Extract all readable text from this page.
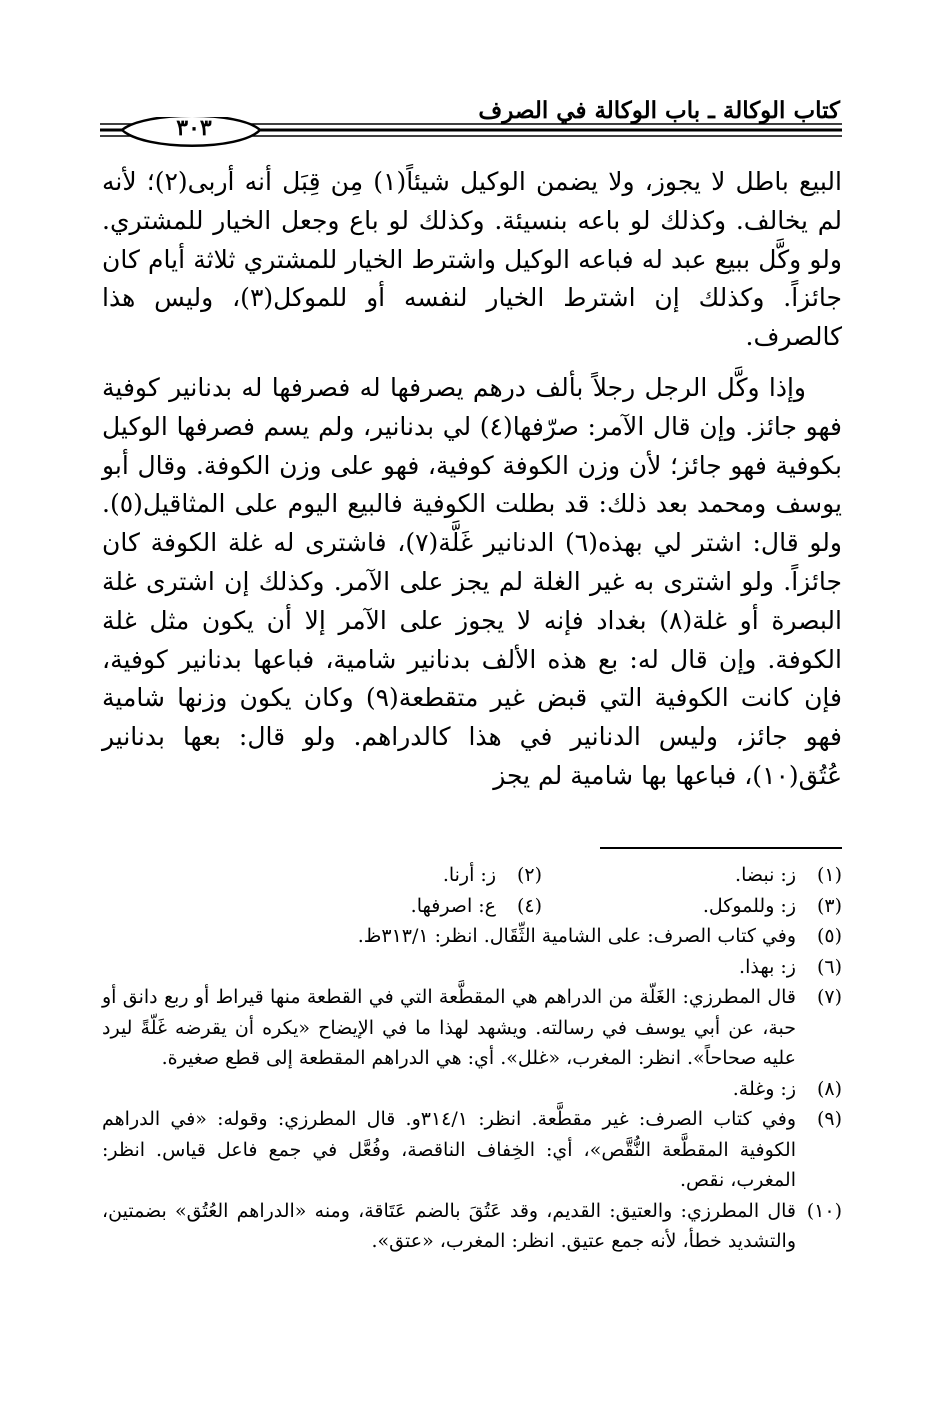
كتاب الوكالة ـ باب الوكالة في الصرف
٣٠٣

البيع باطل لا يجوز، ولا يضمن الوكيل شيئاً(١) مِن قِبَل أنه أربى(٢)؛ لأنه لم يخالف. وكذلك لو باعه بنسيئة. وكذلك لو باع وجعل الخيار للمشتري. ولو وكَّل ببيع عبد له فباعه الوكيل واشترط الخيار للمشتري ثلاثة أيام كان جائزاً. وكذلك إن اشترط الخيار لنفسه أو للموكل(٣)، وليس هذا كالصرف.

وإذا وكَّل الرجل رجلاً بألف درهم يصرفها له فصرفها له بدنانير كوفية فهو جائز. وإن قال الآمر: صرّفها(٤) لي بدنانير، ولم يسم فصرفها الوكيل بكوفية فهو جائز؛ لأن وزن الكوفة كوفية، فهو على وزن الكوفة. وقال أبو يوسف ومحمد بعد ذلك: قد بطلت الكوفية فالبيع اليوم على المثاقيل(٥). ولو قال: اشتر لي بهذه(٦) الدنانير غَلَّة(٧)، فاشترى له غلة الكوفة كان جائزاً. ولو اشترى به غير الغلة لم يجز على الآمر. وكذلك إن اشترى غلة البصرة أو غلة(٨) بغداد فإنه لا يجوز على الآمر إلا أن يكون مثل غلة الكوفة. وإن قال له: بع هذه الألف بدنانير شامية، فباعها بدنانير كوفية، فإن كانت الكوفية التي قبض غير متقطعة(٩) وكان يكون وزنها شامية فهو جائز، وليس الدنانير في هذا كالدراهم. ولو قال: بعها بدنانير عُتُق(١٠)، فباعها بها شامية لم يجز

(١)
ز: نبضا.
(٢)
ز: أرنا.
(٣)
ز: وللموكل.
(٤)
ع: اصرفها.
(٥)
وفي كتاب الصرف: على الشامية الثِّقَال. انظر: ٣١٣/١ظ.
(٦)
ز: بهذا.
(٧)
قال المطرزي: الغَلّة من الدراهم هي المقطَّعة التي في القطعة منها قيراط أو ربع دانق أو حبة، عن أبي يوسف في رسالته. ويشهد لهذا ما في الإيضاح «يكره أن يقرضه غَلّةً ليرد عليه صحاحاً». انظر: المغرب، «غلل». أي: هي الدراهم المقطعة إلى قطع صغيرة.
(٨)
ز: وغلة.
(٩)
وفي كتاب الصرف: غير مقطَّعة. انظر: ٣١٤/١و. قال المطرزي: وقوله: «في الدراهم الكوفية المقطَّعة النُّقَّص»، أي: الخِفاف الناقصة، وفُعَّل في جمع فاعل قياس. انظر: المغرب، نقص.
(١٠)
قال المطرزي: والعتيق: القديم، وقد عَتُقَ بالضم عَتَاقة، ومنه «الدراهم العُتُق» بضمتين، والتشديد خطأ، لأنه جمع عتيق. انظر: المغرب، «عتق».
